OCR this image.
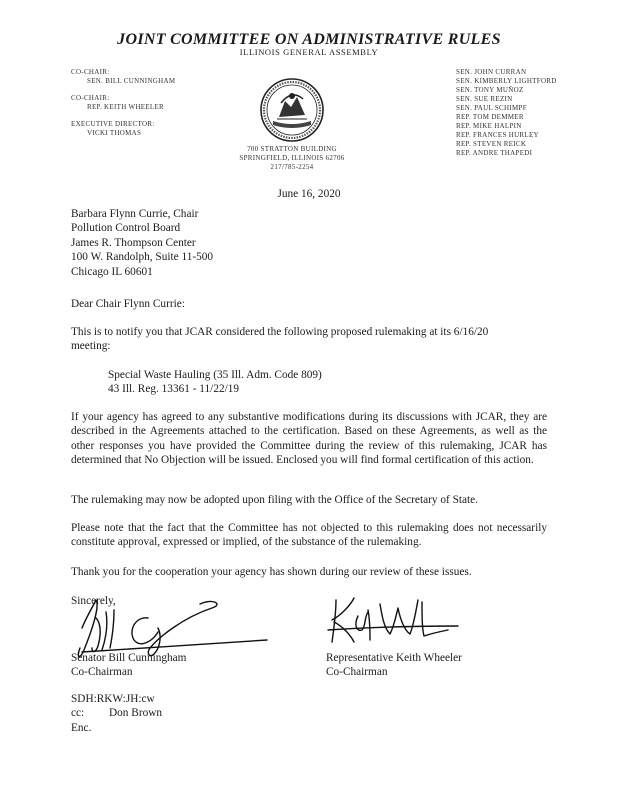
JOINT COMMITTEE ON ADMINISTRATIVE RULES
ILLINOIS GENERAL ASSEMBLY
CO-CHAIR:
SEN. BILL CUNNINGHAM
CO-CHAIR:
REP. KEITH WHEELER
EXECUTIVE DIRECTOR:
VICKI THOMAS
700 STRATTON BUILDING
SPRINGFIELD, ILLINOIS 62706
217/785-2254
SEN. JOHN CURRAN
SEN. KIMBERLY LIGHTFORD
SEN. TONY MUÑOZ
SEN. SUE REZIN
SEN. PAUL SCHIMPF
REP. TOM DEMMER
REP. MIKE HALPIN
REP. FRANCES HURLEY
REP. STEVEN REICK
REP. ANDRE THAPEDI
June 16, 2020
Barbara Flynn Currie, Chair
Pollution Control Board
James R. Thompson Center
100 W. Randolph, Suite 11-500
Chicago IL 60601
Dear Chair Flynn Currie:
This is to notify you that JCAR considered the following proposed rulemaking at its 6/16/20
meeting:
Special Waste Hauling (35 Ill. Adm. Code 809)
43 Ill. Reg. 13361 - 11/22/19
If your agency has agreed to any substantive modifications during its discussions with JCAR, they are described in the Agreements attached to the certification. Based on these Agreements, as well as the other responses you have provided the Committee during the review of this rulemaking, JCAR has determined that No Objection will be issued. Enclosed you will find formal certification of this action.
The rulemaking may now be adopted upon filing with the Office of the Secretary of State.
Please note that the fact that the Committee has not objected to this rulemaking does not necessarily constitute approval, expressed or implied, of the substance of the rulemaking.
Thank you for the cooperation your agency has shown during our review of these issues.
Sincerely,
Senator Bill Cunningham
Co-Chairman
Representative Keith Wheeler
Co-Chairman
SDH:RKW:JH:cw
cc: Don Brown
Enc.
